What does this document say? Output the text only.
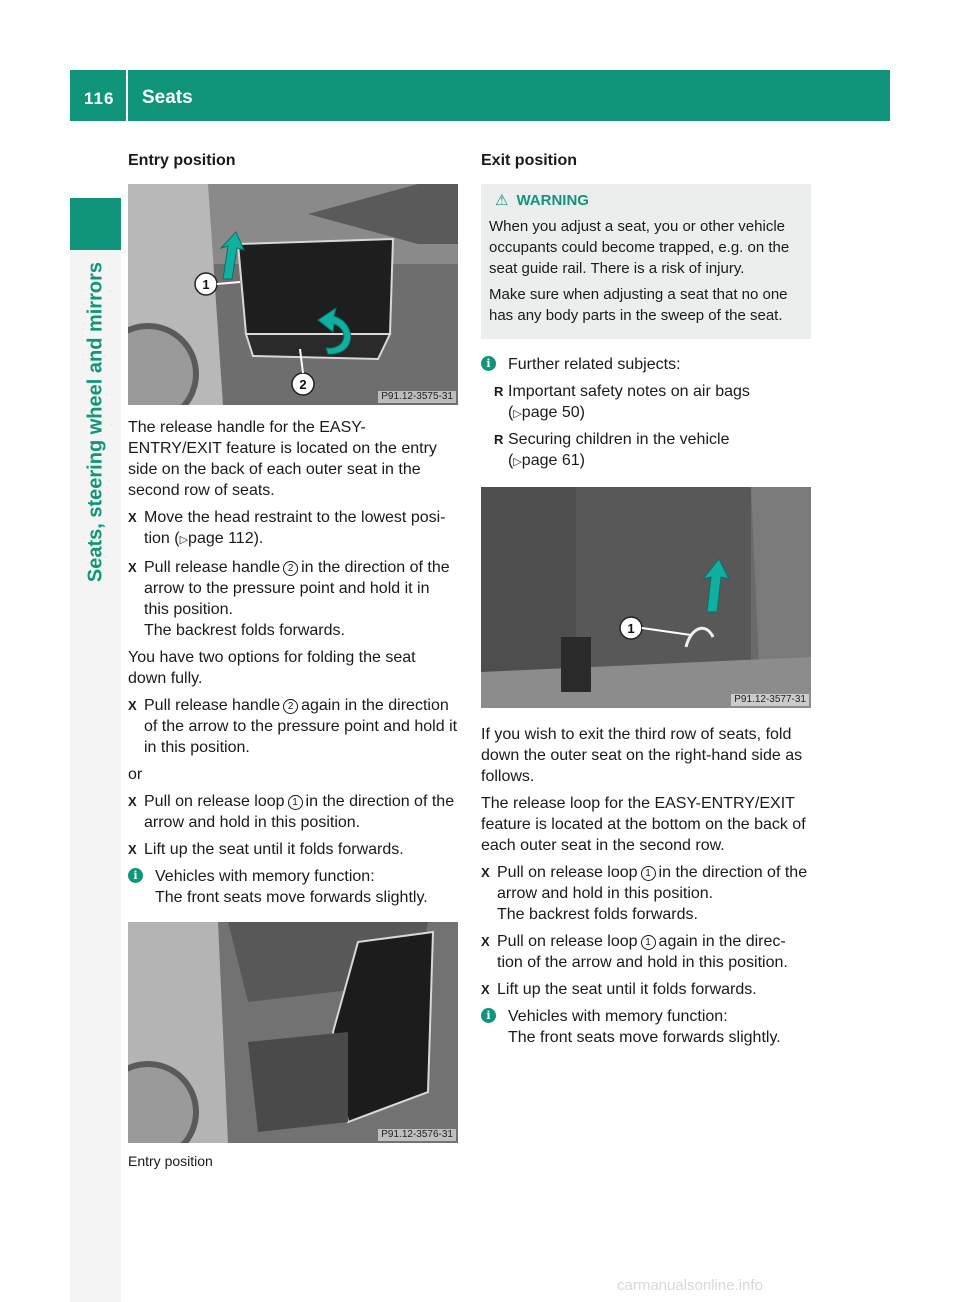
116 Seats
Seats, steering wheel and mirrors
Entry position
1
2
P91.12-3575-31

The release handle for the EASY-ENTRY/EXIT feature is located on the entry side on the back of each outer seat in the second row of seats.

X Move the head restraint to the lowest posi- tion (▷page 112).
X Pull release handle 2 in the direction of the arrow to the pressure point and hold it in this position.
The backrest folds forwards.

You have two options for folding the seat down fully.

X Pull release handle 2 again in the direction of the arrow to the pressure point and hold it in this position.

or

X Pull on release loop 1 in the direction of the arrow and hold in this position.
X Lift up the seat until it folds forwards.
i	Vehicles with memory function:
The front seats move forwards slightly.
P91.12-3576-31
Entry position
Exit position
⚠ WARNING

When you adjust a seat, you or other vehicle occupants could become trapped, e.g. on the seat guide rail. There is a risk of injury.

Make sure when adjusting a seat that no one has any body parts in the sweep of the seat.

i	Further related subjects:
R Important safety notes on air bags
(▷page 50)
R Securing children in the vehicle
(▷page 61)
1
P91.12-3577-31

If you wish to exit the third row of seats, fold down the outer seat on the right-hand side as follows.

The release loop for the EASY-ENTRY/EXIT feature is located at the bottom on the back of each outer seat in the second row.

X Pull on release loop 1 in the direction of the arrow and hold in this position.
The backrest folds forwards.
X Pull on release loop 1 again in the direc- tion of the arrow and hold in this position.
X Lift up the seat until it folds forwards.
i	Vehicles with memory function:
The front seats move forwards slightly.
carmanualsonline.info
